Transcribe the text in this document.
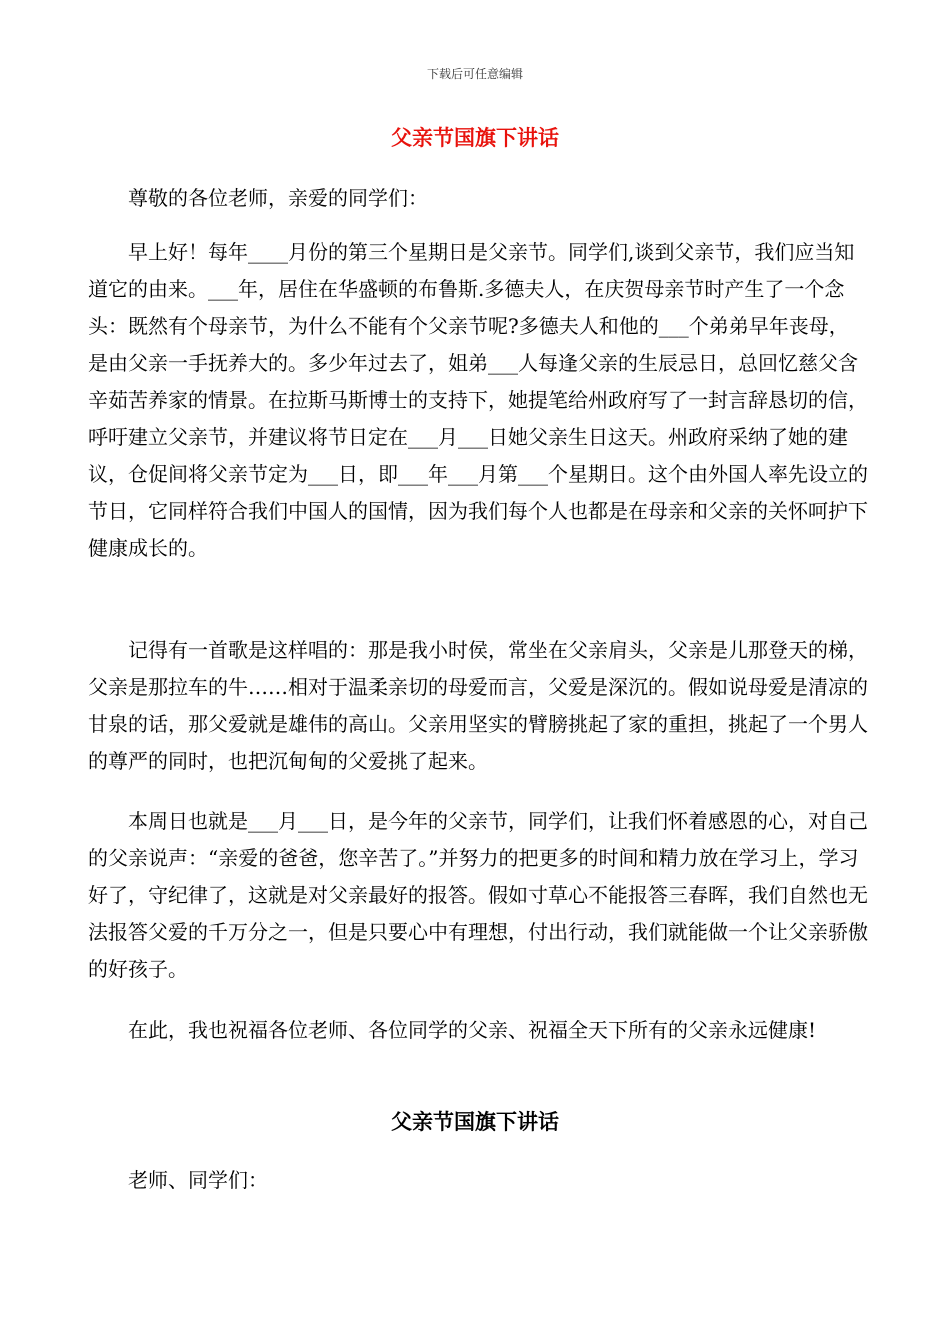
下载后可任意编辑
父亲节国旗下讲话

尊敬的各位老师，亲爱的同学们：

早上好！每年____月份的第三个星期日是父亲节。同学们,谈到父亲节，我们应当知道它的由来。___年，居住在华盛顿的布鲁斯.多德夫人，在庆贺母亲节时产生了一个念头：既然有个母亲节，为什么不能有个父亲节呢?多德夫人和他的___个弟弟早年丧母，是由父亲一手抚养大的。多少年过去了，姐弟___人每逢父亲的生辰忌日，总回忆慈父含辛茹苦养家的情景。在拉斯马斯博士的支持下，她提笔给州政府写了一封言辞恳切的信，呼吁建立父亲节，并建议将节日定在___月___日她父亲生日这天。州政府采纳了她的建议，仓促间将父亲节定为___日，即___年___月第___个星期日。这个由外国人率先设立的节日，它同样符合我们中国人的国情，因为我们每个人也都是在母亲和父亲的关怀呵护下健康成长的。

记得有一首歌是这样唱的：那是我小时侯，常坐在父亲肩头，父亲是儿那登天的梯，父亲是那拉车的牛……相对于温柔亲切的母爱而言，父爱是深沉的。假如说母爱是清凉的甘泉的话，那父爱就是雄伟的高山。父亲用坚实的臂膀挑起了家的重担，挑起了一个男人的尊严的同时，也把沉甸甸的父爱挑了起来。

本周日也就是___月___日，是今年的父亲节，同学们，让我们怀着感恩的心，对自己的父亲说声：“亲爱的爸爸，您辛苦了。”并努力的把更多的时间和精力放在学习上，学习好了，守纪律了，这就是对父亲最好的报答。假如寸草心不能报答三春晖，我们自然也无法报答父爱的千万分之一，但是只要心中有理想，付出行动，我们就能做一个让父亲骄傲的好孩子。

在此，我也祝福各位老师、各位同学的父亲、祝福全天下所有的父亲永远健康!

父亲节国旗下讲话

老师、同学们：
